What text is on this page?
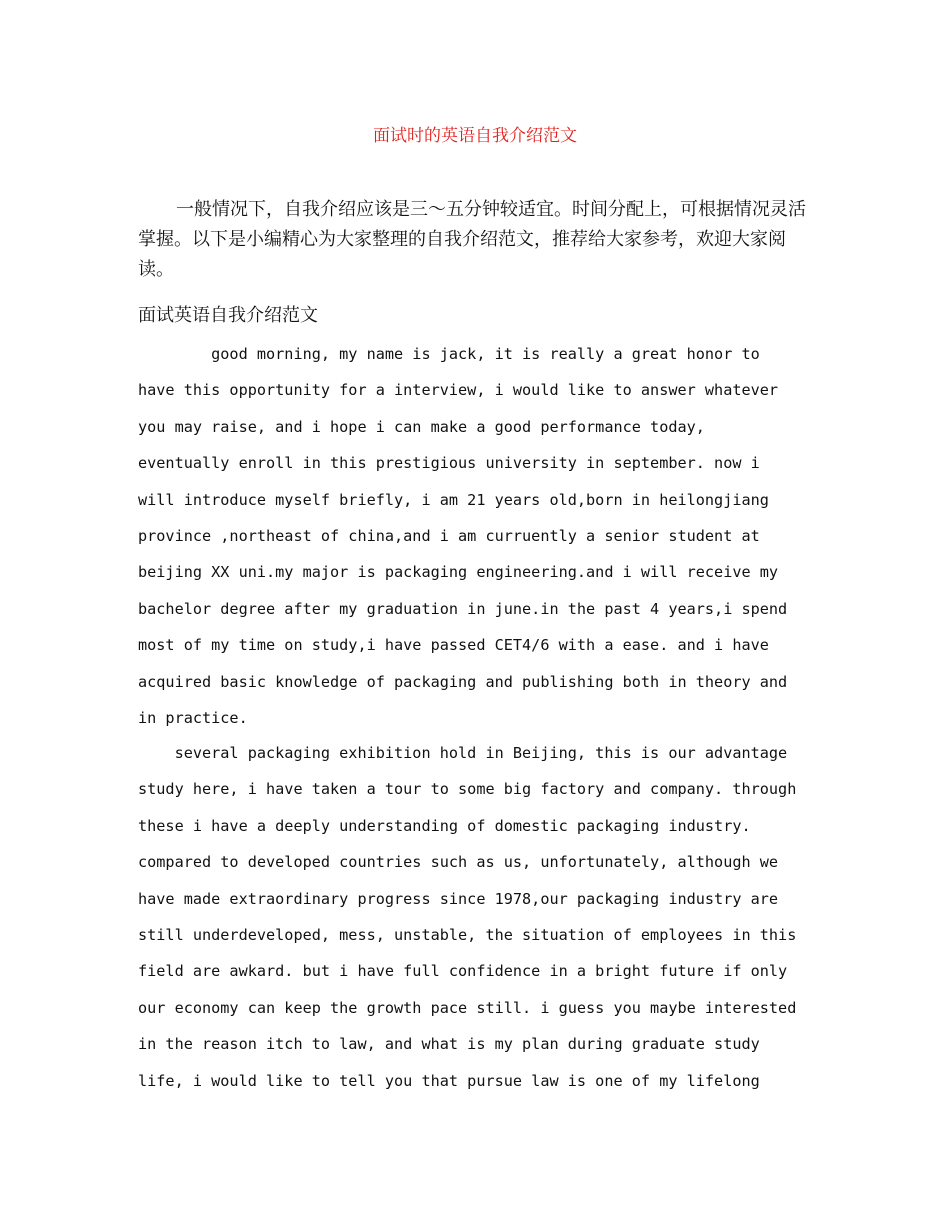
面试时的英语自我介绍范文

一般情况下，自我介绍应该是三～五分钟较适宜。时间分配上，可根据情况灵活掌握。以下是小编精心为大家整理的自我介绍范文，推荐给大家参考，欢迎大家阅读。

面试英语自我介绍范文
good morning, my name is jack, it is really a great honor to
have this opportunity for a interview, i would like to answer whatever
you may raise, and i hope i can make a good performance today,
eventually enroll in this prestigious university in september. now i
will introduce myself briefly, i am 21 years old,born in heilongjiang
province ,northeast of china,and i am curruently a senior student at
beijing XX uni.my major is packaging engineering.and i will receive my
bachelor degree after my graduation in june.in the past 4 years,i spend
most of my time on study,i have passed CET4/6 with a ease. and i have
acquired basic knowledge of packaging and publishing both in theory and
in practice.
several packaging exhibition hold in Beijing, this is our advantage
study here, i have taken a tour to some big factory and company. through
these i have a deeply understanding of domestic packaging industry.
compared to developed countries such as us, unfortunately, although we
have made extraordinary progress since 1978,our packaging industry are
still underdeveloped, mess, unstable, the situation of employees in this
field are awkard. but i have full confidence in a bright future if only
our economy can keep the growth pace still. i guess you maybe interested
in the reason itch to law, and what is my plan during graduate study
life, i would like to tell you that pursue law is one of my lifelong
